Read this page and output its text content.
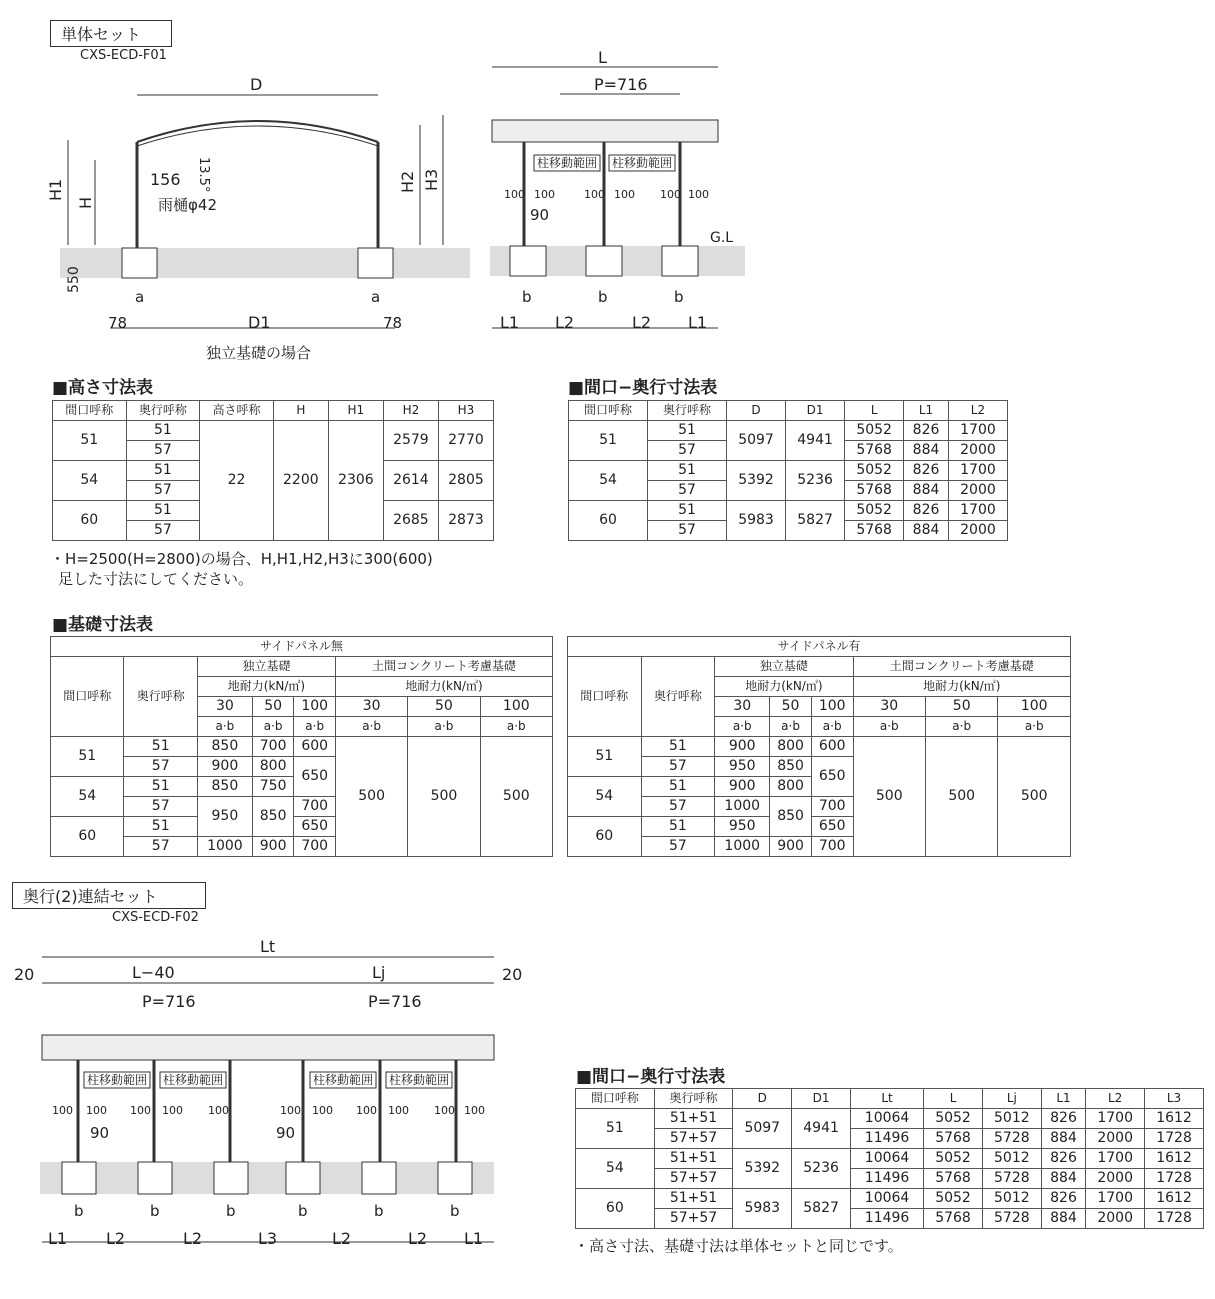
単体セット
CXS-ECD-F01
奥行(2)連結セット
CXS-ECD-F02
D
H1
H
H2 H3
13.5°
156
雨樋φ42
550
a	a
78	D1	78
独立基礎の場合
L
P=716
柱移動範囲 柱移動範囲
100 100	100 100 100 100
90
G.L
b	b	b
L1 L2	L2 L1
■高さ寸法表
間口呼称	奥行呼称	高さ呼称	H	H1	H2	H3
51	51	22	2200	2306	2579	2770
	57					
54	51				2614	2805
	57					
60	51				2685	2873
	57					
・H=2500(H=2800)の場合、H,H1,H2,H3に300(600)
足した寸法にしてください。
■間口−奥行寸法表
間口呼称	奥行呼称	D	D1	L	L1	L2
51	51	5097	4941	5052	826	1700
	57			5768	884	2000
54	51	5392	5236	5052	826	1700
	57			5768	884	2000
60	51	5983	5827	5052	826	1700
	57			5768	884	2000
■基礎寸法表
サイドパネル無							
間口呼称	奥行呼称	独立基礎			土間コンクリート考慮基礎		
		地耐力(kN/㎡)			地耐力(kN/㎡)		
		30	50	100	30	50	100
		a·b	a·b	a·b	a·b	a·b	a·b
51	51	850	700	600	500	500	500
	57	900	800	650			
54	51	850	750				
	57	950	850	700			
60	51			650			
	57	1000	900	700			
サイドパネル有							
間口呼称	奥行呼称	独立基礎			土間コンクリート考慮基礎		
		地耐力(kN/㎡)			地耐力(kN/㎡)		
		30	50	100	30	50	100
		a·b	a·b	a·b	a·b	a·b	a·b
51	51	900	800	600	500	500	500
	57	950	850	650			
54	51	900	800				
	57	1000	850	700			
60	51	950		650			
	57	1000	900	700			
Lt
20	20
L−40	Lj
P=716	P=716
柱移動範囲 柱移動範囲	柱移動範囲 柱移動範囲
100 100 100 100 100	100 100 100 100 100 100
90	90
b	b	b	b	b	b
L1 L2	L2	L3	L2	L2 L1
■間口−奥行寸法表
間口呼称	奥行呼称	D	D1	Lt	L	Lj	L1	L2	L3
51	51+51	5097	4941	10064	5052	5012	826	1700	1612
	57+57			11496	5768	5728	884	2000	1728
54	51+51	5392	5236	10064	5052	5012	826	1700	1612
	57+57			11496	5768	5728	884	2000	1728
60	51+51	5983	5827	10064	5052	5012	826	1700	1612
	57+57			11496	5768	5728	884	2000	1728
・高さ寸法、基礎寸法は単体セットと同じです。
